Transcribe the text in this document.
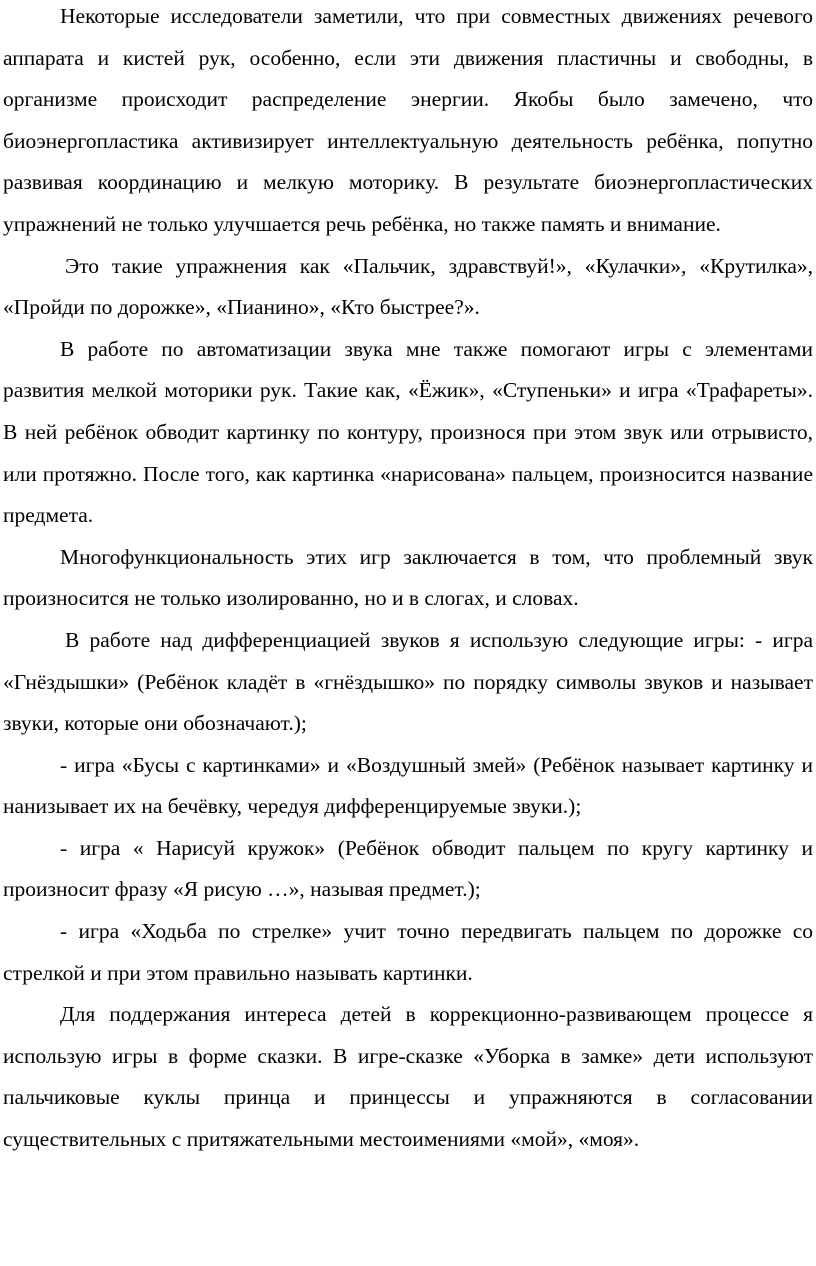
Некоторые исследователи заметили, что при совместных движениях речевого аппарата и кистей рук, особенно, если эти движения пластичны и свободны, в организме происходит распределение энергии. Якобы было замечено, что биоэнергопластика активизирует интеллектуальную деятельность ребёнка, попутно развивая координацию и мелкую моторику. В результате биоэнергопластических упражнений не только улучшается речь ребёнка, но также память и внимание.

Это такие упражнения как «Пальчик, здравствуй!», «Кулачки», «Крутилка», «Пройди по дорожке», «Пианино», «Кто быстрее?».

В работе по автоматизации звука мне также помогают игры с элементами развития мелкой моторики рук. Такие как, «Ёжик», «Ступеньки» и игра «Трафареты». В ней ребёнок обводит картинку по контуру, произнося при этом звук или отрывисто, или протяжно. После того, как картинка «нарисована» пальцем, произносится название предмета.

Многофункциональность этих игр заключается в том, что проблемный звук произносится не только изолированно, но и в слогах, и словах.

В работе над дифференциацией звуков я использую следующие игры: - игра «Гнёздышки» (Ребёнок кладёт в «гнёздышко» по порядку символы звуков и называет звуки, которые они обозначают.);

- игра «Бусы с картинками» и «Воздушный змей» (Ребёнок называет картинку и нанизывает их на бечёвку, чередуя дифференцируемые звуки.);

- игра « Нарисуй кружок» (Ребёнок обводит пальцем по кругу картинку и произносит фразу «Я рисую …», называя предмет.);

- игра «Ходьба по стрелке» учит точно передвигать пальцем по дорожке со стрелкой и при этом правильно называть картинки.

Для поддержания интереса детей в коррекционно-развивающем процессе я использую игры в форме сказки. В игре-сказке «Уборка в замке» дети используют пальчиковые куклы принца и принцессы и упражняются в согласовании существительных с притяжательными местоимениями «мой», «моя».
